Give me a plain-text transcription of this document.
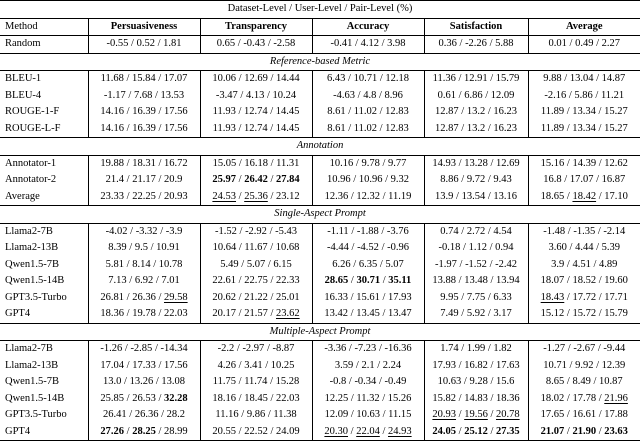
Dataset-Level / User-Level / Pair-Level (%)					
Method	Persuasiveness	Transparency	Accuracy	Satisfaction	Average
Random	-0.55 / 0.52 / 1.81	0.65 / -0.43 / -2.58	-0.41 / 4.12 / 3.98	0.36 / -2.26 / 5.88	0.01 / 0.49 / 2.27
Reference-based Metric					
BLEU-1	11.68 / 15.84 / 17.07	10.06 / 12.69 / 14.44	6.43 / 10.71 / 12.18	11.36 / 12.91 / 15.79	9.88 / 13.04 / 14.87
BLEU-4	-1.17 / 7.68 / 13.53	-3.47 / 4.13 / 10.24	-4.63 / 4.8 / 8.96	0.61 / 6.86 / 12.09	-2.16 / 5.86 / 11.21
ROUGE-1-F	14.16 / 16.39 / 17.56	11.93 / 12.74 / 14.45	8.61 / 11.02 / 12.83	12.87 / 13.2 / 16.23	11.89 / 13.34 / 15.27
ROUGE-L-F	14.16 / 16.39 / 17.56	11.93 / 12.74 / 14.45	8.61 / 11.02 / 12.83	12.87 / 13.2 / 16.23	11.89 / 13.34 / 15.27
Annotation					
Annotator-1	19.88 / 18.31 / 16.72	15.05 / 16.18 / 11.31	10.16 / 9.78 / 9.77	14.93 / 13.28 / 12.69	15.16 / 14.39 / 12.62
Annotator-2	21.4 / 21.17 / 20.9	25.97 / 26.42 / 27.84	10.96 / 10.96 / 9.32	8.86 / 9.72 / 9.43	16.8 / 17.07 / 16.87
Average	23.33 / 22.25 / 20.93	24.53 / 25.36 / 23.12	12.36 / 12.32 / 11.19	13.9 / 13.54 / 13.16	18.65 / 18.42 / 17.10
Single-Aspect Prompt					
Llama2-7B	-4.02 / -3.32 / -3.9	-1.52 / -2.92 / -5.43	-1.11 / -1.88 / -3.76	0.74 / 2.72 / 4.54	-1.48 / -1.35 / -2.14
Llama2-13B	8.39 / 9.5 / 10.91	10.64 / 11.67 / 10.68	-4.44 / -4.52 / -0.96	-0.18 / 1.12 / 0.94	3.60 / 4.44 / 5.39
Qwen1.5-7B	5.81 / 8.14 / 10.78	5.49 / 5.07 / 6.15	6.26 / 6.35 / 5.07	-1.97 / -1.52 / -2.42	3.9 / 4.51 / 4.89
Qwen1.5-14B	7.13 / 6.92 / 7.01	22.61 / 22.75 / 22.33	28.65 / 30.71 / 35.11	13.88 / 13.48 / 13.94	18.07 / 18.52 / 19.60
GPT3.5-Turbo	26.81 / 26.36 / 29.58	20.62 / 21.22 / 25.01	16.33 / 15.61 / 17.93	9.95 / 7.75 / 6.33	18.43 / 17.72 / 17.71
GPT4	18.36 / 19.78 / 22.03	20.17 / 21.57 / 23.62	13.42 / 13.45 / 13.47	7.49 / 5.92 / 3.17	15.12 / 15.72 / 15.79
Multiple-Aspect Prompt					
Llama2-7B	-1.26 / -2.85 / -14.34	-2.2 / -2.97 / -8.87	-3.36 / -7.23 / -16.36	1.74 / 1.99 / 1.82	-1.27 / -2.67 / -9.44
Llama2-13B	17.04 / 17.33 / 17.56	4.26 / 3.41 / 10.25	3.59 / 2.1 / 2.24	17.93 / 16.82 / 17.63	10.71 / 9.92 / 12.39
Qwen1.5-7B	13.0 / 13.26 / 13.08	11.75 / 11.74 / 15.28	-0.8 / -0.34 / -0.49	10.63 / 9.28 / 15.6	8.65 / 8.49 / 10.87
Qwen1.5-14B	25.85 / 26.53 / 32.28	18.16 / 18.45 / 22.03	12.25 / 11.32 / 15.26	15.82 / 14.83 / 18.36	18.02 / 17.78 / 21.96
GPT3.5-Turbo	26.41 / 26.36 / 28.2	11.16 / 9.86 / 11.38	12.09 / 10.63 / 11.15	20.93 / 19.56 / 20.78	17.65 / 16.61 / 17.88
GPT4	27.26 / 28.25 / 28.99	20.55 / 22.52 / 24.09	20.30 / 22.04 / 24.93	24.05 / 25.12 / 27.35	21.07 / 21.90 / 23.63
